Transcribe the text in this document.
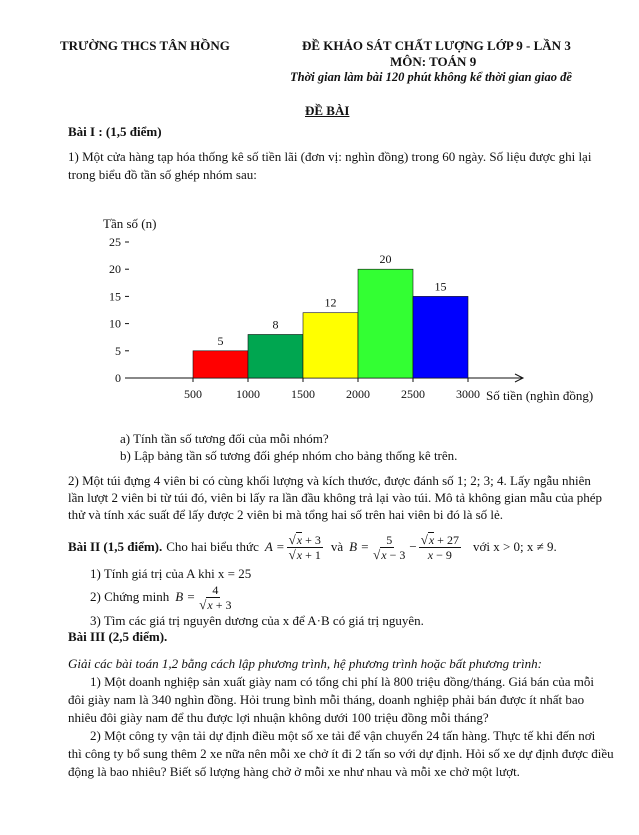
TRƯỜNG THCS TÂN HỒNG	ĐỀ KHẢO SÁT CHẤT LƯỢNG LỚP 9 - LẦN 3
MÔN: TOÁN 9
Thời gian làm bài 120 phút không kể thời gian giao đề
ĐỀ BÀI
Bài I : (1,5 điểm)
1) Một cửa hàng tạp hóa thống kê số tiền lãi (đơn vị: nghìn đồng) trong 60 ngày. Số liệu được ghi lại
trong biểu đồ tần số ghép nhóm sau:
0
5
10
15
20
25
Tần số (n)
500	1000	1500	2000	2500	3000 Số tiền (nghìn đồng)
5
8
12
20
15
a) Tính tần số tương đối của mỗi nhóm?
b) Lập bảng tần số tương đối ghép nhóm cho bảng thống kê trên.
2) Một túi đựng 4 viên bi có cùng khối lượng và kích thước, được đánh số 1; 2; 3; 4. Lấy ngẫu nhiên
lần lượt 2 viên bi từ túi đó, viên bi lấy ra lần đầu không trả lại vào túi. Mô tả không gian mẫu của phép
thử và tính xác suất để lấy được 2 viên bi mà tổng hai số trên hai viên bi đó là số lẻ.
Bài II (1,5 điểm). Cho hai biểu thức $A = \frac{√x + 3}{√x + 1}$ và $B = \frac{5}{√x - 3} - \frac{√x + 27}{x - 9}$ với x > 0; x ≠ 9.
1) Tính giá trị của A khi x = 25
2) Chứng minh $B = \frac{4}{√x + 3}$
3) Tìm các giá trị nguyên dương của x để A·B có giá trị nguyên.
Bài III (2,5 điểm).
Giải các bài toán 1,2 bằng cách lập phương trình, hệ phương trình hoặc bất phương trình:
1) Một doanh nghiệp sản xuất giày nam có tổng chi phí là 800 triệu đồng/tháng. Giá bán của mỗi
đôi giày nam là 340 nghìn đồng. Hỏi trung bình mỗi tháng, doanh nghiệp phải bán được ít nhất bao
nhiêu đôi giày nam để thu được lợi nhuận không dưới 100 triệu đồng mỗi tháng?
2) Một công ty vận tải dự định điều một số xe tải để vận chuyển 24 tấn hàng. Thực tế khi đến nơi
thì công ty bổ sung thêm 2 xe nữa nên mỗi xe chở ít đi 2 tấn so với dự định. Hỏi số xe dự định được điều
động là bao nhiêu? Biết số lượng hàng chở ở mỗi xe như nhau và mỗi xe chở một lượt.
